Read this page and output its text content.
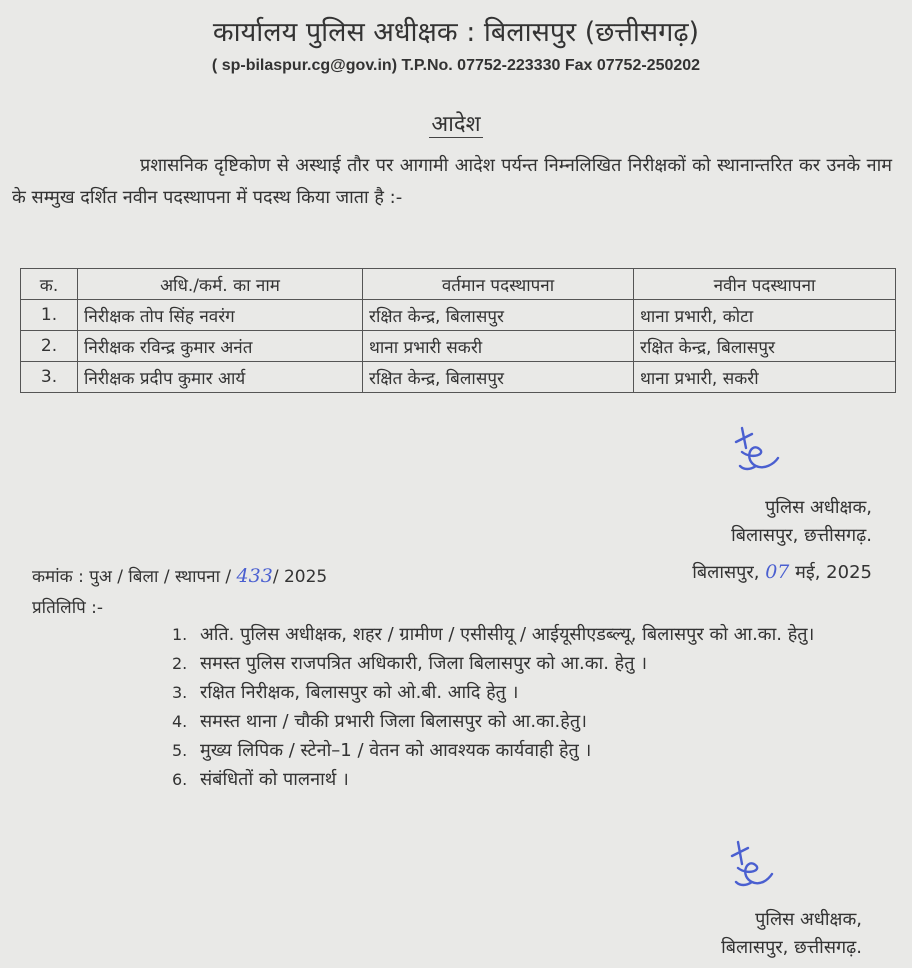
कार्यालय पुलिस अधीक्षक : बिलासपुर (छत्तीसगढ़)
( sp-bilaspur.cg@gov.in) T.P.No. 07752-223330 Fax 07752-250202
आदेश
प्रशासनिक दृष्टिकोण से अस्थाई तौर पर आगामी आदेश पर्यन्त निम्नलिखित निरीक्षकों को स्थानान्तरित कर उनके नाम के सम्मुख दर्शित नवीन पदस्थापना में पदस्थ किया जाता है :-
क.	अधि./कर्म. का नाम	वर्तमान पदस्थापना	नवीन पदस्थापना
1.	निरीक्षक तोप सिंह नवरंग	रक्षित केन्द्र, बिलासपुर	थाना प्रभारी, कोटा
2.	निरीक्षक रविन्द्र कुमार अनंत	थाना प्रभारी सकरी	रक्षित केन्द्र, बिलासपुर
3.	निरीक्षक प्रदीप कुमार आर्य	रक्षित केन्द्र, बिलासपुर	थाना प्रभारी, सकरी
पुलिस अधीक्षक,
बिलासपुर, छत्तीसगढ़.
कमांक : पुअ / बिला / स्थापना / 433/ 2025	बिलासपुर, 07 मई, 2025
प्रतिलिपि :-
1. अति. पुलिस अधीक्षक, शहर / ग्रामीण / एसीसीयू / आईयूसीएडब्ल्यू, बिलासपुर को आ.का. हेतु।
2. समस्त पुलिस राजपत्रित अधिकारी, जिला बिलासपुर को आ.का. हेतु ।
3. रक्षित निरीक्षक, बिलासपुर को ओ.बी. आदि हेतु ।
4. समस्त थाना / चौकी प्रभारी जिला बिलासपुर को आ.का.हेतु।
5. मुख्य लिपिक / स्टेनो–1 / वेतन को आवश्यक कार्यवाही हेतु ।
6. संबंधितों को पालनार्थ ।
पुलिस अधीक्षक,
बिलासपुर, छत्तीसगढ़.
